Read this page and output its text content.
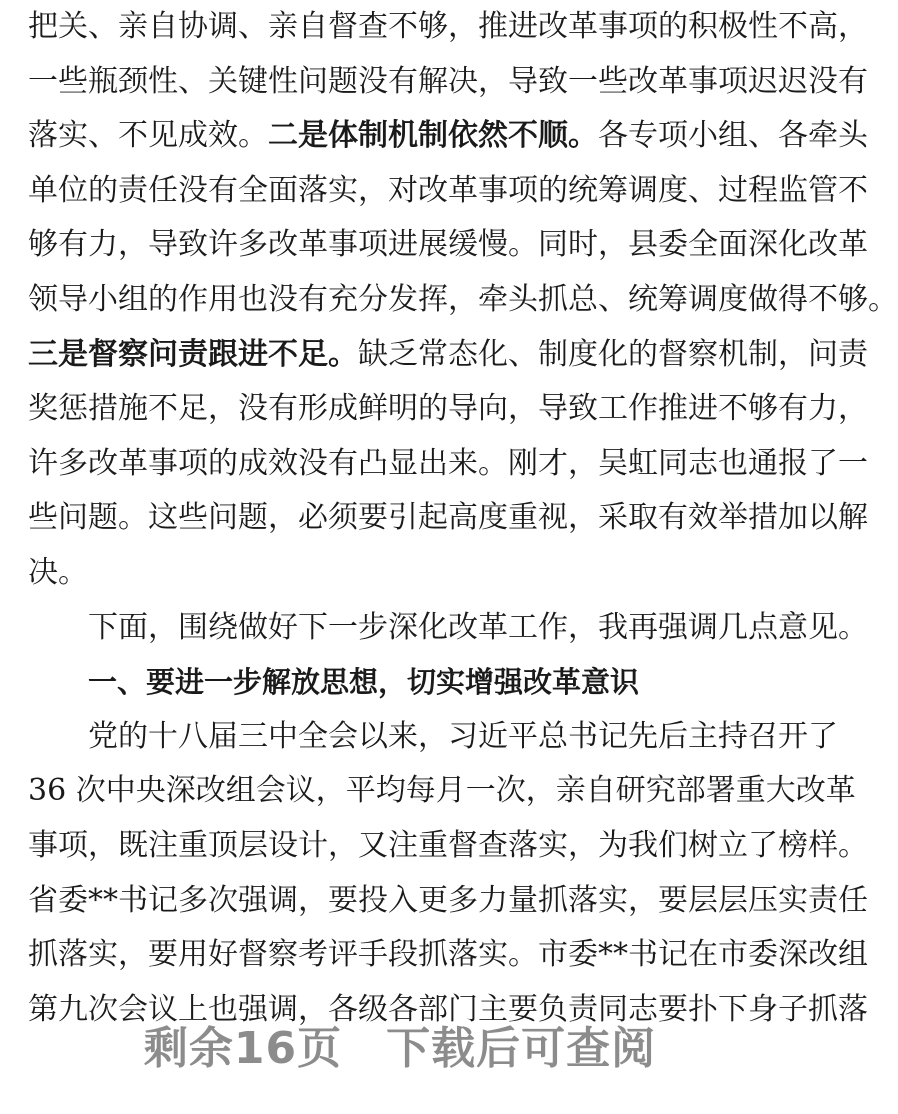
把关、亲自协调、亲自督查不够，推进改革事项的积极性不高，
一些瓶颈性、关键性问题没有解决，导致一些改革事项迟迟没有
落实、不见成效。二是体制机制依然不顺。各专项小组、各牵头
单位的责任没有全面落实，对改革事项的统筹调度、过程监管不
够有力，导致许多改革事项进展缓慢。同时，县委全面深化改革
领导小组的作用也没有充分发挥，牵头抓总、统筹调度做得不够。
三是督察问责跟进不足。缺乏常态化、制度化的督察机制，问责
奖惩措施不足，没有形成鲜明的导向，导致工作推进不够有力，
许多改革事项的成效没有凸显出来。刚才，吴虹同志也通报了一
些问题。这些问题，必须要引起高度重视，采取有效举措加以解
决。
下面，围绕做好下一步深化改革工作，我再强调几点意见。
一、要进一步解放思想，切实增强改革意识
党的十八届三中全会以来，习近平总书记先后主持召开了
36 次中央深改组会议，平均每月一次，亲自研究部署重大改革
事项，既注重顶层设计，又注重督查落实，为我们树立了榜样。
省委**书记多次强调，要投入更多力量抓落实，要层层压实责任
抓落实，要用好督察考评手段抓落实。市委**书记在市委深改组
第九次会议上也强调，各级各部门主要负责同志要扑下身子抓落
剩余16页 下载后可查阅
